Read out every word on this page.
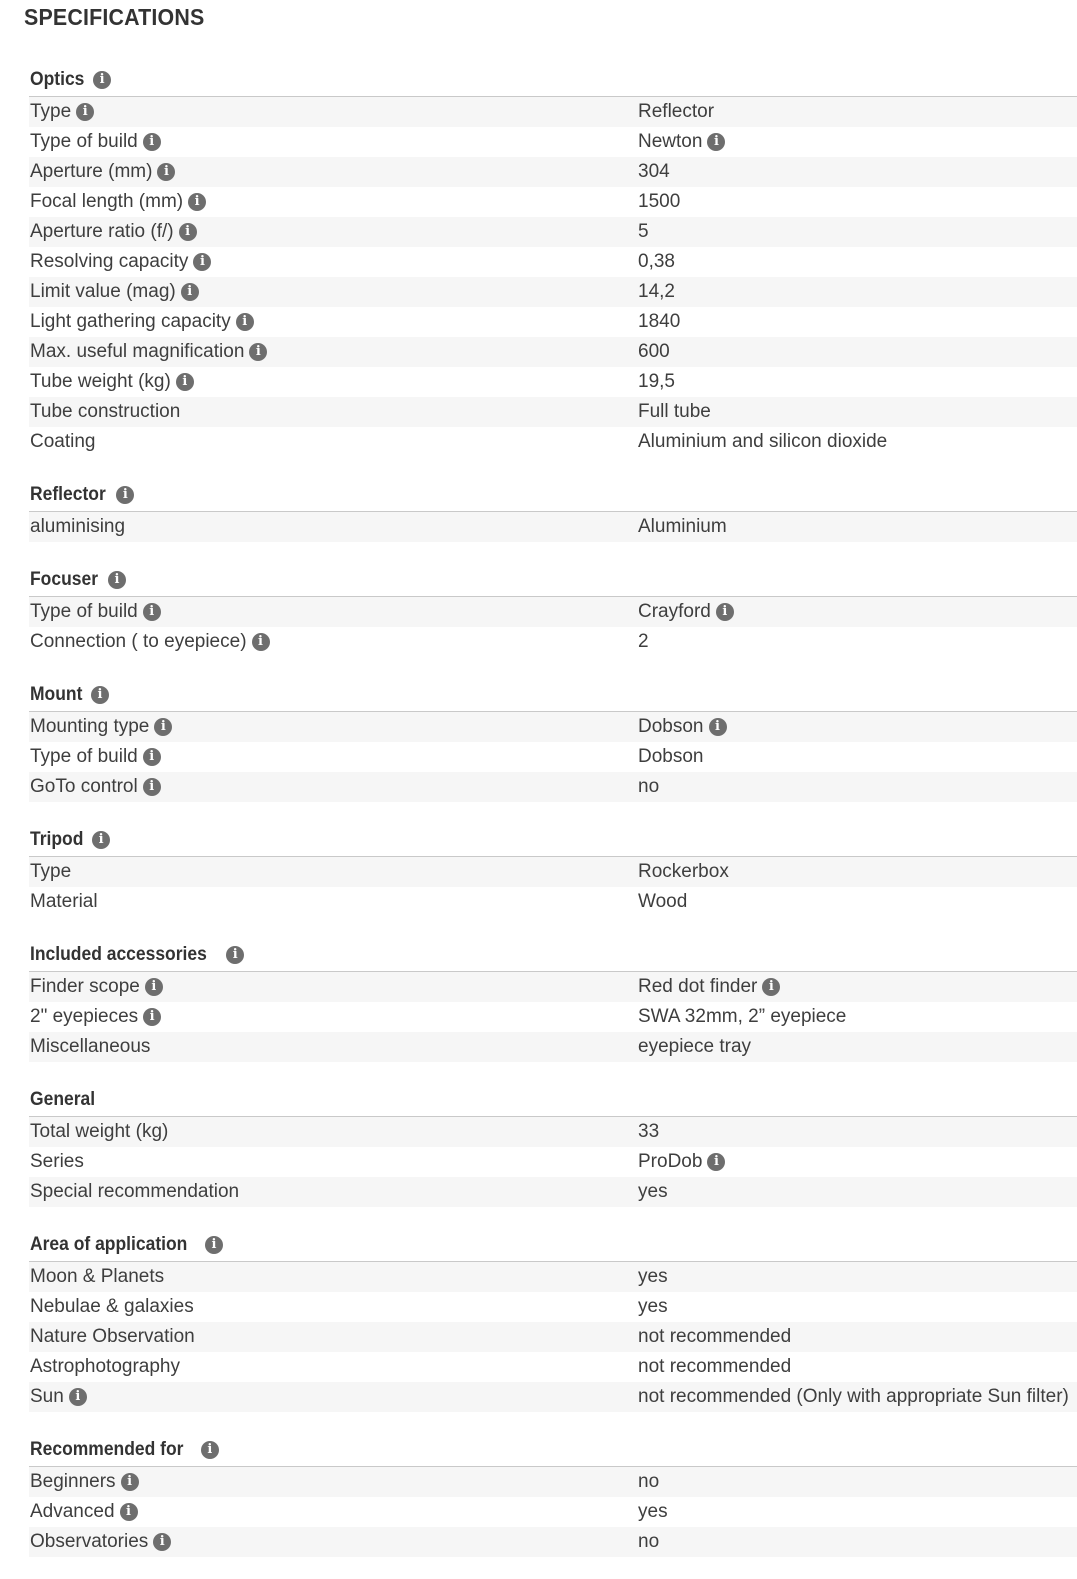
SPECIFICATIONS
Optics	i
Type i	Reflector
Type of build i	Newton i
Aperture (mm) i	304
Focal length (mm) i	1500
Aperture ratio (f/) i	5
Resolving capacity i	0,38
Limit value (mag) i	14,2
Light gathering capacity i	1840
Max. useful magnification i	600
Tube weight (kg) i	19,5
Tube construction	Full tube
Coating	Aluminium and silicon dioxide
Reflector	i
aluminising	Aluminium
Focuser	i
Type of build i	Crayford i
Connection ( to eyepiece) i	2
Mount	i
Mounting type i	Dobson i
Type of build i	Dobson
GoTo control i	no
Tripod	i
Type	Rockerbox
Material	Wood
Included accessories	i
Finder scope i	Red dot finder i
2" eyepieces i	SWA 32mm, 2” eyepiece
Miscellaneous	eyepiece tray
General
Total weight (kg)	33
Series	ProDob i
Special recommendation	yes
Area of application	i
Moon & Planets	yes
Nebulae & galaxies	yes
Nature Observation	not recommended
Astrophotography	not recommended
Sun i	not recommended (Only with appropriate Sun filter)
Recommended for	i
Beginners i	no
Advanced i	yes
Observatories i	no
